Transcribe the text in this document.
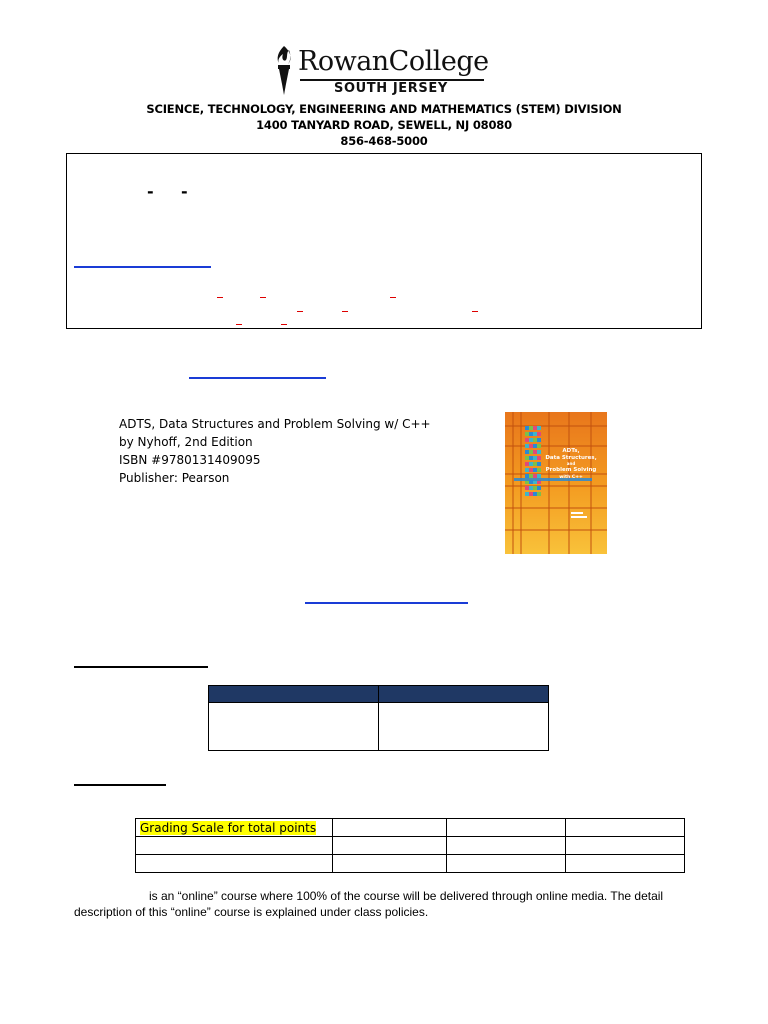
RowanCollege
SOUTH JERSEY
SCIENCE, TECHNOLOGY, ENGINEERING AND MATHEMATICS (STEM) DIVISION
1400 TANYARD ROAD, SEWELL, NJ 08080
856-468-5000
- -
ADTS, Data Structures and Problem Solving w/ C++
by Nyhoff, 2nd Edition
ISBN #9780131409095
Publisher: Pearson
ADTs,
Data Structures,
and
Problem Solving
with C++

Grading Scale for total points			

is an “online” course where 100% of the course will be delivered through online media. The detail description of this “online” course is explained under class policies.
